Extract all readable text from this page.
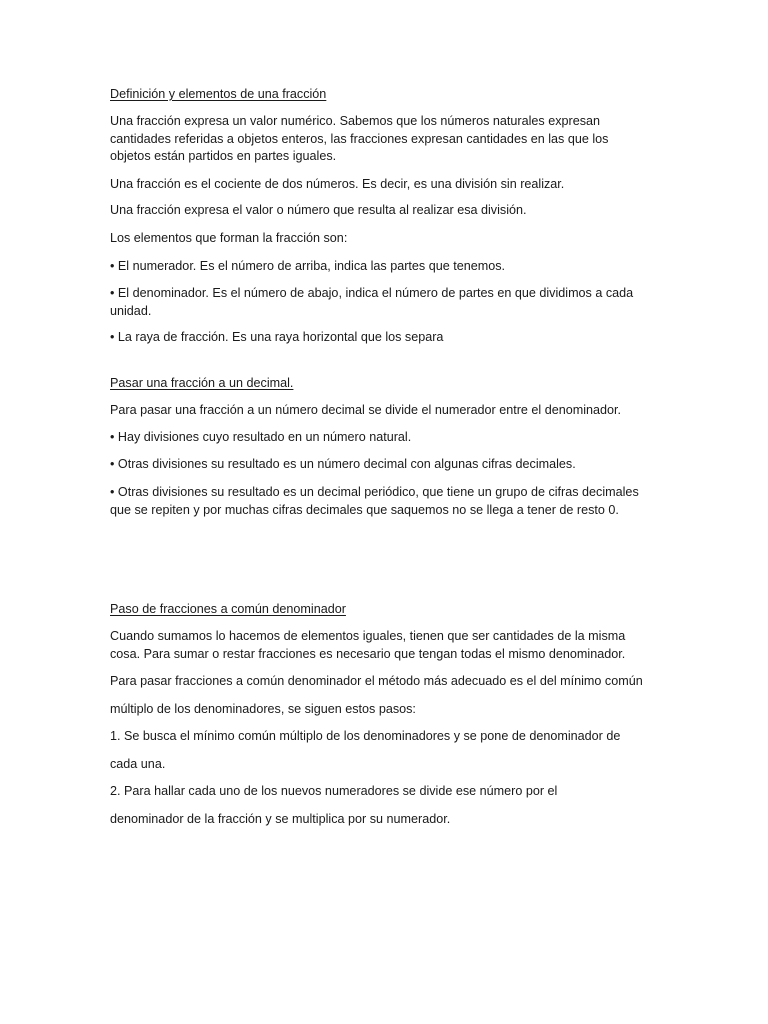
Definición y elementos de una fracción

Una fracción expresa un valor numérico. Sabemos que los números naturales expresan
cantidades referidas a objetos enteros, las fracciones expresan cantidades en las que los
objetos están partidos en partes iguales.

Una fracción es el cociente de dos números. Es decir, es una división sin realizar.

Una fracción expresa el valor o número que resulta al realizar esa división.

Los elementos que forman la fracción son:

• El numerador. Es el número de arriba, indica las partes que tenemos.

• El denominador. Es el número de abajo, indica el número de partes en que dividimos a cada
unidad.

• La raya de fracción. Es una raya horizontal que los separa

Pasar una fracción a un decimal.

Para pasar una fracción a un número decimal se divide el numerador entre el denominador.

• Hay divisiones cuyo resultado en un número natural.

• Otras divisiones su resultado es un número decimal con algunas cifras decimales.

• Otras divisiones su resultado es un decimal periódico, que tiene un grupo de cifras decimales
que se repiten y por muchas cifras decimales que saquemos no se llega a tener de resto 0.

Paso de fracciones a común denominador

Cuando sumamos lo hacemos de elementos iguales, tienen que ser cantidades de la misma
cosa. Para sumar o restar fracciones es necesario que tengan todas el mismo denominador.

Para pasar fracciones a común denominador el método más adecuado es el del mínimo común

múltiplo de los denominadores, se siguen estos pasos:

1. Se busca el mínimo común múltiplo de los denominadores y se pone de denominador de

cada una.

2. Para hallar cada uno de los nuevos numeradores se divide ese número por el

denominador de la fracción y se multiplica por su numerador.
